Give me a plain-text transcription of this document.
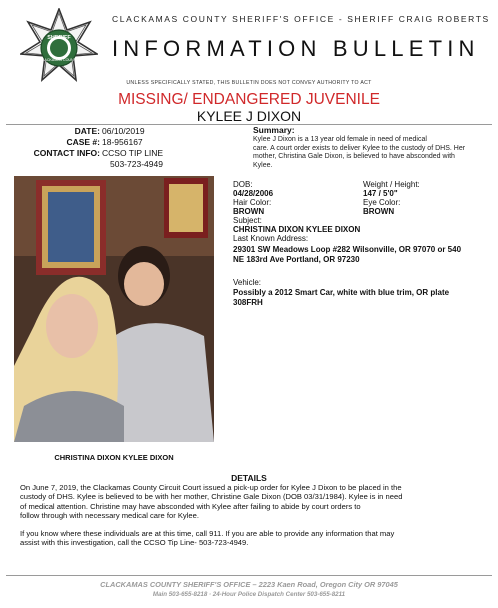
SHERIFF
CLACKAMAS COUNTY
CLACKAMAS COUNTY SHERIFF'S OFFICE - SHERIFF CRAIG ROBERTS
INFORMATION BULLETIN
UNLESS SPECIFICALLY STATED, THIS BULLETIN DOES NOT CONVEY AUTHORITY TO ACT
MISSING/ ENDANGERED JUVENILE
KYLEE J DIXON
DATE: 06/10/2019
CASE #: 18-956167
CONTACT INFO: CCSO TIP LINE
503-723-4949
Summary:
Kylee J Dixon is a 13 year old female in need of medical
care. A court order exists to deliver Kylee to the custody of DHS. Her
mother, Christina Gale Dixon, is believed to have absconded with
Kylee.
CHRISTINA DIXON KYLEE DIXON
DOB:
04/28/2006
Weight / Height:
147 / 5'0"
Hair Color:
BROWN
Eye Color:
BROWN
Subject:
CHRISTINA DIXON KYLEE DIXON
Last Known Address:
29301 SW Meadows Loop #282 Wilsonville, OR 97070 or 540
NE 183rd Ave Portland, OR 97230
Vehicle:
Possibly a 2012 Smart Car, white with blue trim, OR plate
308FRH
DETAILS
On June 7, 2019, the Clackamas County Circuit Court issued a pick-up order for Kylee J Dixon to be placed in the
custody of DHS. Kylee is believed to be with her mother, Christine Gale Dixon (DOB 03/31/1984). Kylee is in need
of medical attention. Christine may have absconded with Kylee after failing to abide by court orders to
follow through with necessary medical care for Kylee.
If you know where these individuals are at this time, call 911. If you are able to provide any information that may
assist with this investigation, call the CCSO Tip Line- 503-723-4949.
CLACKAMAS COUNTY SHERIFF'S OFFICE – 2223 Kaen Road, Oregon City OR 97045
Main 503-655-8218 · 24-Hour Police Dispatch Center 503-655-8211
